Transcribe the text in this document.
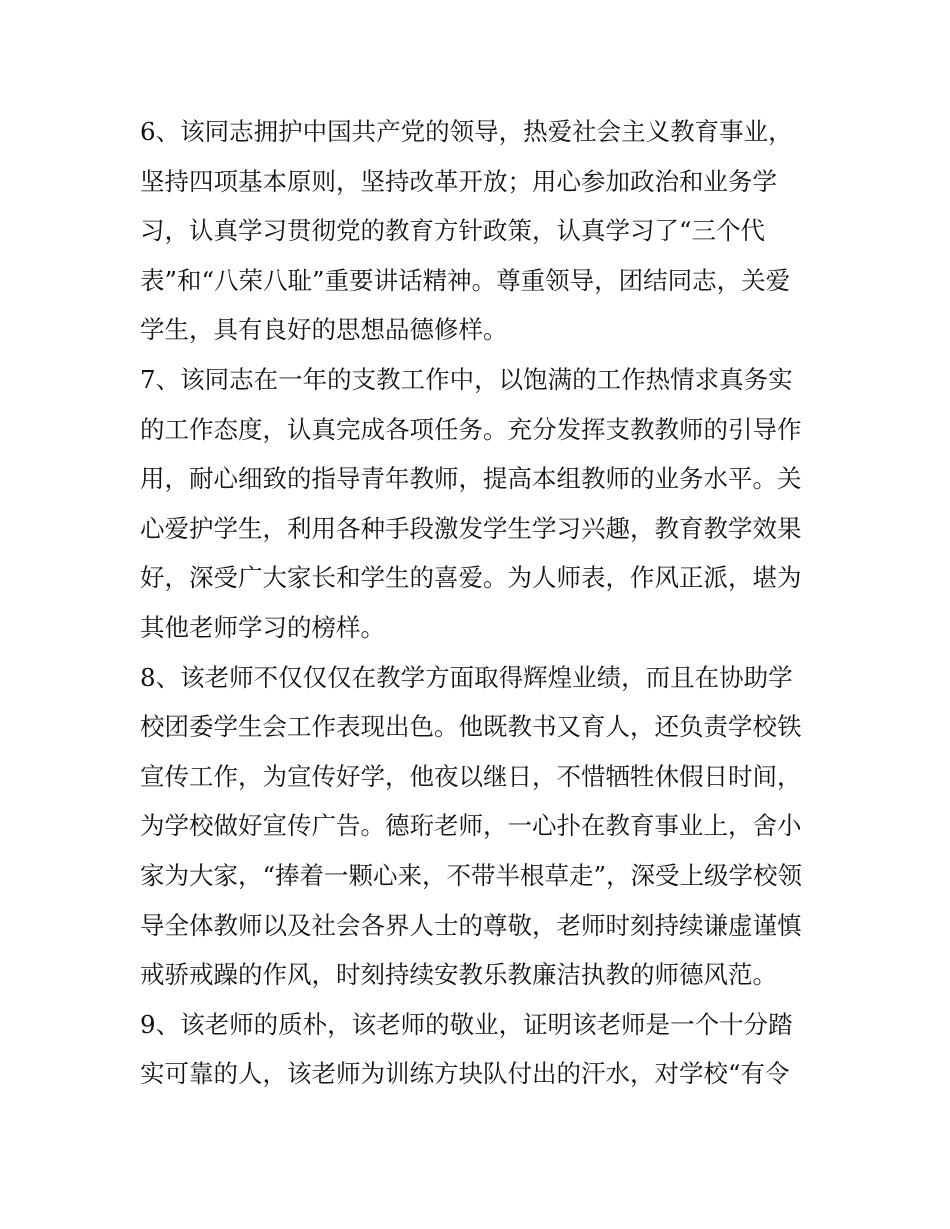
6、该同志拥护中国共产党的领导，热爱社会主义教育事业，
坚持四项基本原则，坚持改革开放；用心参加政治和业务学
习，认真学习贯彻党的教育方针政策，认真学习了“三个代
表”和“八荣八耻”重要讲话精神。尊重领导，团结同志，关爱
学生，具有良好的思想品德修样。
7、该同志在一年的支教工作中，以饱满的工作热情求真务实
的工作态度，认真完成各项任务。充分发挥支教教师的引导作
用，耐心细致的指导青年教师，提高本组教师的业务水平。关
心爱护学生，利用各种手段激发学生学习兴趣，教育教学效果
好，深受广大家长和学生的喜爱。为人师表，作风正派，堪为
其他老师学习的榜样。
8、该老师不仅仅仅在教学方面取得辉煌业绩，而且在协助学
校团委学生会工作表现出色。他既教书又育人，还负责学校铁
宣传工作，为宣传好学，他夜以继日，不惜牺牲休假日时间，
为学校做好宣传广告。德珩老师，一心扑在教育事业上，舍小
家为大家，“捧着一颗心来，不带半根草走”，深受上级学校领
导全体教师以及社会各界人士的尊敬，老师时刻持续谦虚谨慎
戒骄戒躁的作风，时刻持续安教乐教廉洁执教的师德风范。
9、该老师的质朴，该老师的敬业，证明该老师是一个十分踏
实可靠的人，该老师为训练方块队付出的汗水，对学校“有令
